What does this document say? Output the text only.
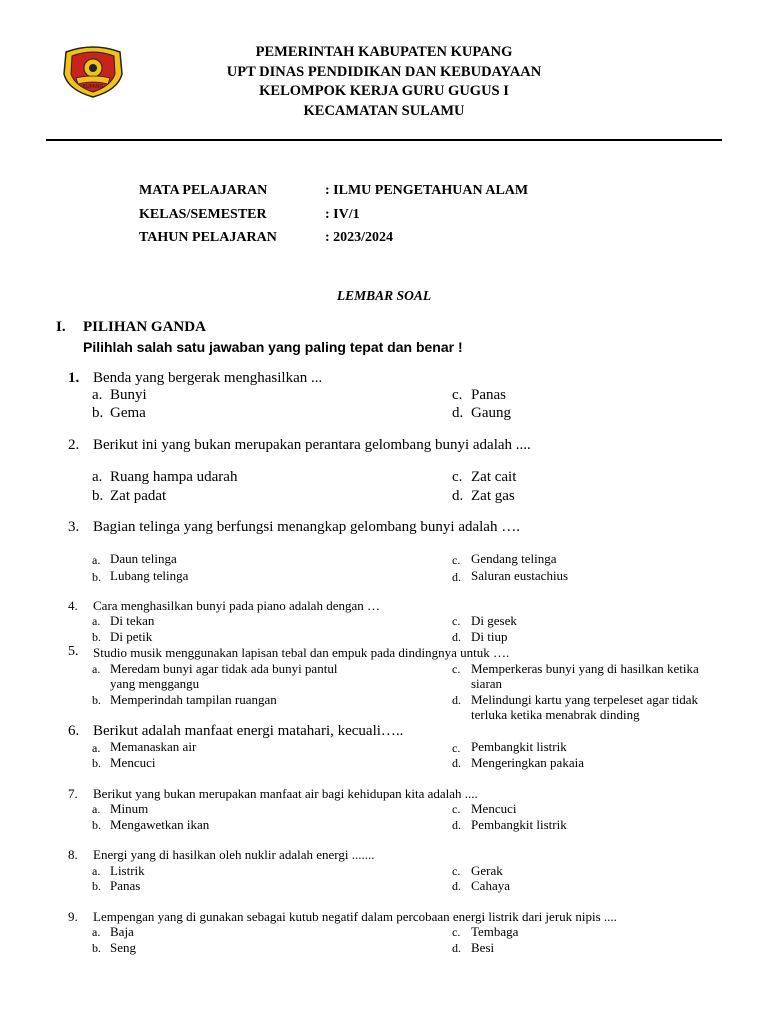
KUPANG
PEMERINTAH KABUPATEN KUPANG
UPT DINAS PENDIDIKAN DAN KEBUDAYAAN
KELOMPOK KERJA GURU GUGUS I
KECAMATAN SULAMU
MATA PELAJARAN
KELAS/SEMESTER
TAHUN PELAJARAN
: ILMU PENGETAHUAN ALAM
: IV/1
: 2023/2024
LEMBAR SOAL
I. PILIHAN GANDA
Pilihlah salah satu jawaban yang paling tepat dan benar !
1. Benda yang bergerak menghasilkan ...
a. Bunyi
b. Gema
c. Panas
d. Gaung
2. Berikut ini yang bukan merupakan perantara gelombang bunyi adalah ....
a. Ruang hampa udarah
b. Zat padat
c. Zat cait
d. Zat gas
3. Bagian telinga yang berfungsi menangkap gelombang bunyi adalah ….
a. Daun telinga
b. Lubang telinga
c. Gendang telinga
d. Saluran eustachius
4. Cara menghasilkan bunyi pada piano adalah dengan …
a. Di tekan
b. Di petik
c. Di gesek
d. Di tiup
5. Studio musik menggunakan lapisan tebal dan empuk pada dindingnya untuk ….
a. Meredam bunyi agar tidak ada bunyi pantul yang menggangu
b. Memperindah tampilan ruangan
c. Memperkeras bunyi yang di hasilkan ketika siaran
d. Melindungi kartu yang terpeleset agar tidak terluka ketika menabrak dinding
6. Berikut adalah manfaat energi matahari, kecuali…..
a. Memanaskan air
b. Mencuci
c. Pembangkit listrik
d. Mengeringkan pakaia
7. Berikut yang bukan merupakan manfaat air bagi kehidupan kita adalah ....
a. Minum
b. Mengawetkan ikan
c. Mencuci
d. Pembangkit listrik
8. Energi yang di hasilkan oleh nuklir adalah energi .......
a. Listrik
b. Panas
c. Gerak
d. Cahaya
9. Lempengan yang di gunakan sebagai kutub negatif dalam percobaan energi listrik dari jeruk nipis ....
a. Baja
b. Seng
c. Tembaga
d. Besi
